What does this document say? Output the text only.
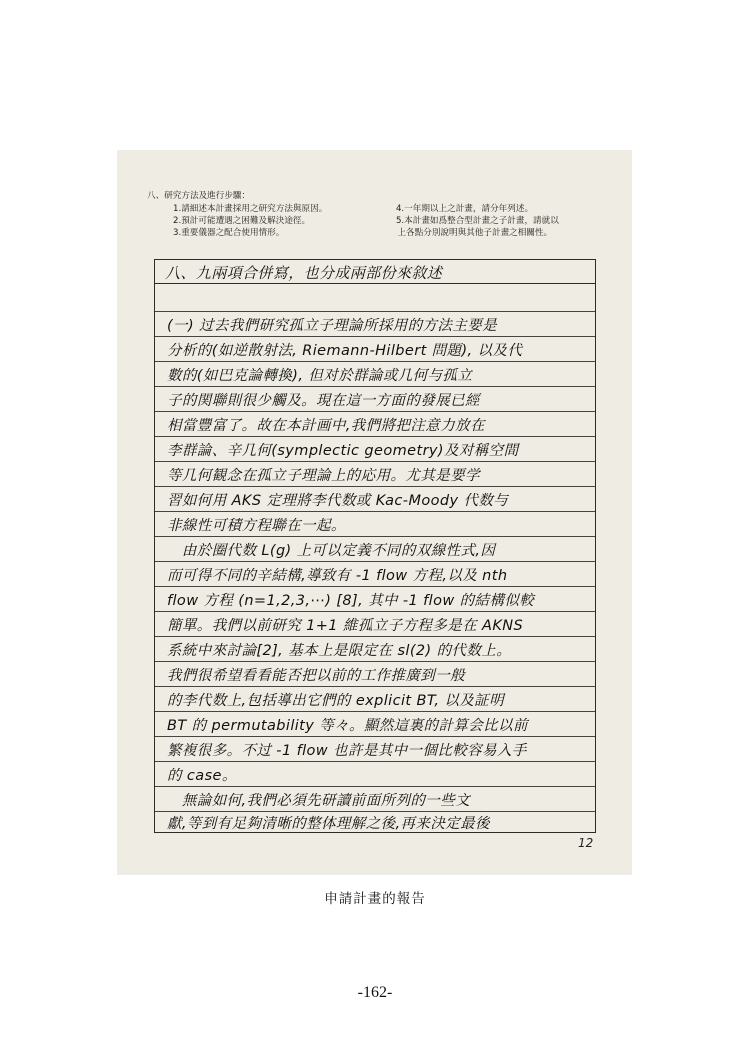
八、研究方法及進行步驟：
1.請細述本計畫採用之研究方法與原因。	4.一年期以上之計畫，請分年列述。
2.預計可能遭遇之困難及解決途徑。	5.本計畫如爲整合型計畫之子計畫，請就以
3.重要儀器之配合使用情形。	上各點分別說明與其他子計畫之相關性。
八、九兩項合併寫，也分成兩部份來敘述
(一) 过去我們研究孤立子理論所採用的方法主要是
分析的(如逆散射法, Riemann-Hilbert 問題), 以及代
數的(如巴克論轉換), 但对於群論或几何与孤立
子的関聯則很少觸及。現在這一方面的發展已經
相當豐富了。故在本計画中,我們將把注意力放在
李群論、辛几何(symplectic geometry)及对稱空間
等几何観念在孤立子理論上的応用。尤其是要学
習如何用 AKS 定理將李代数或 Kac-Moody 代数与
非線性可積方程聯在一起。
　由於圈代数 L(g) 上可以定義不同的双線性式,因
而可得不同的辛結構,導致有 -1 flow 方程,以及 nth
flow 方程 (n=1,2,3,⋯) [8], 其中 -1 flow 的結構似較
簡單。我們以前研究 1+1 維孤立子方程多是在 AKNS
系統中來討論[2], 基本上是限定在 sl(2) 的代数上。
我們很希望看看能否把以前的工作推廣到一般
的李代数上,包括導出它們的 explicit BT, 以及証明
BT 的 permutability 等々。顯然這裏的計算会比以前
繁複很多。不过 -1 flow 也許是其中一個比較容易入手
的 case。
　無論如何,我們必須先研讀前面所列的一些文
獻,等到有足夠清晰的整体理解之後,再来決定最後
12
申請計畫的報告
-162-
